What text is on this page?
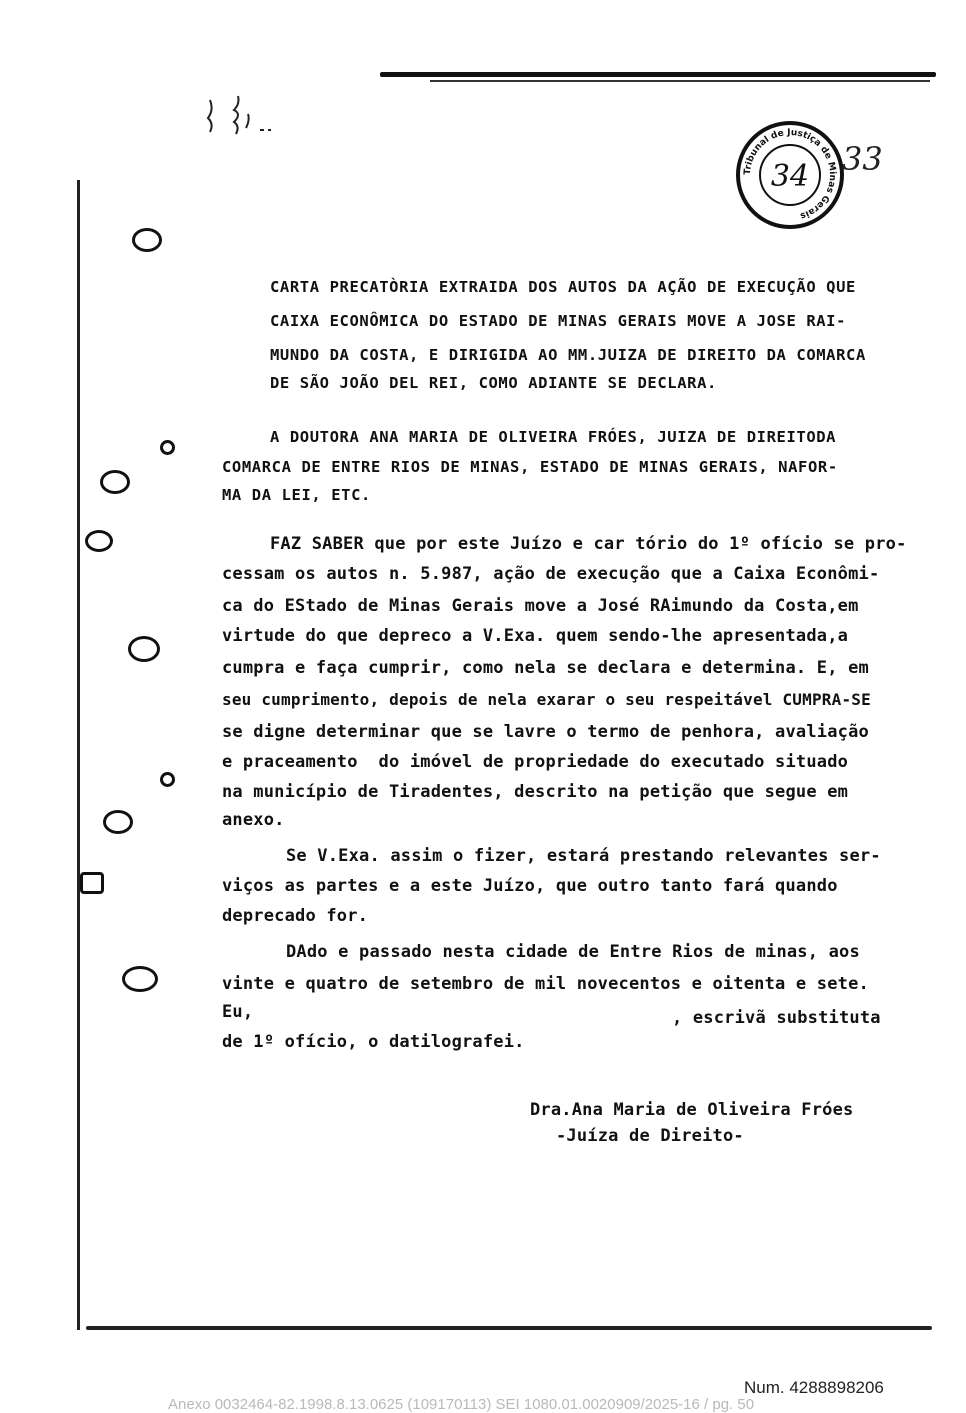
Tribunal de Justiça de Minas Gerais
34 33
CARTA PRECATÒRIA EXTRAIDA DOS AUTOS DA AÇÃO DE EXECUÇÃO QUE
CAIXA ECONÔMICA DO ESTADO DE MINAS GERAIS MOVE A JOSE RAI-
MUNDO DA COSTA, E DIRIGIDA AO MM.JUIZA DE DIREITO DA COMARCA
DE SÃO JOÃO DEL REI, COMO ADIANTE SE DECLARA.
A DOUTORA ANA MARIA DE OLIVEIRA FRÓES, JUIZA DE DIREITODA
COMARCA DE ENTRE RIOS DE MINAS, ESTADO DE MINAS GERAIS, NAFOR-
MA DA LEI, ETC.
FAZ SABER que por este Juízo e car tório do 1º ofício se pro-
cessam os autos n. 5.987, ação de execução que a Caixa Econômi-
ca do EStado de Minas Gerais move a José RAimundo da Costa,em
virtude do que depreco a V.Exa. quem sendo-lhe apresentada,a
cumpra e faça cumprir, como nela se declara e determina. E, em
seu cumprimento, depois de nela exarar o seu respeitável CUMPRA-SE
se digne determinar que se lavre o termo de penhora, avaliação
e praceamento  do imóvel de propriedade do executado situado
na município de Tiradentes, descrito na petição que segue em
anexo.
Se V.Exa. assim o fizer, estará prestando relevantes ser-
viços as partes e a este Juízo, que outro tanto fará quando
deprecado for.
DAdo e passado nesta cidade de Entre Rios de minas, aos
vinte e quatro de setembro de mil novecentos e oitenta e sete.
Eu,	, escrivã substituta
de 1º ofício, o datilografei.
Dra.Ana Maria de Oliveira Fróes
-Juíza de Direito-
Num. 4288898206
Anexo 0032464-82.1998.8.13.0625 (109170113) SEI 1080.01.0020909/2025-16 / pg. 50
